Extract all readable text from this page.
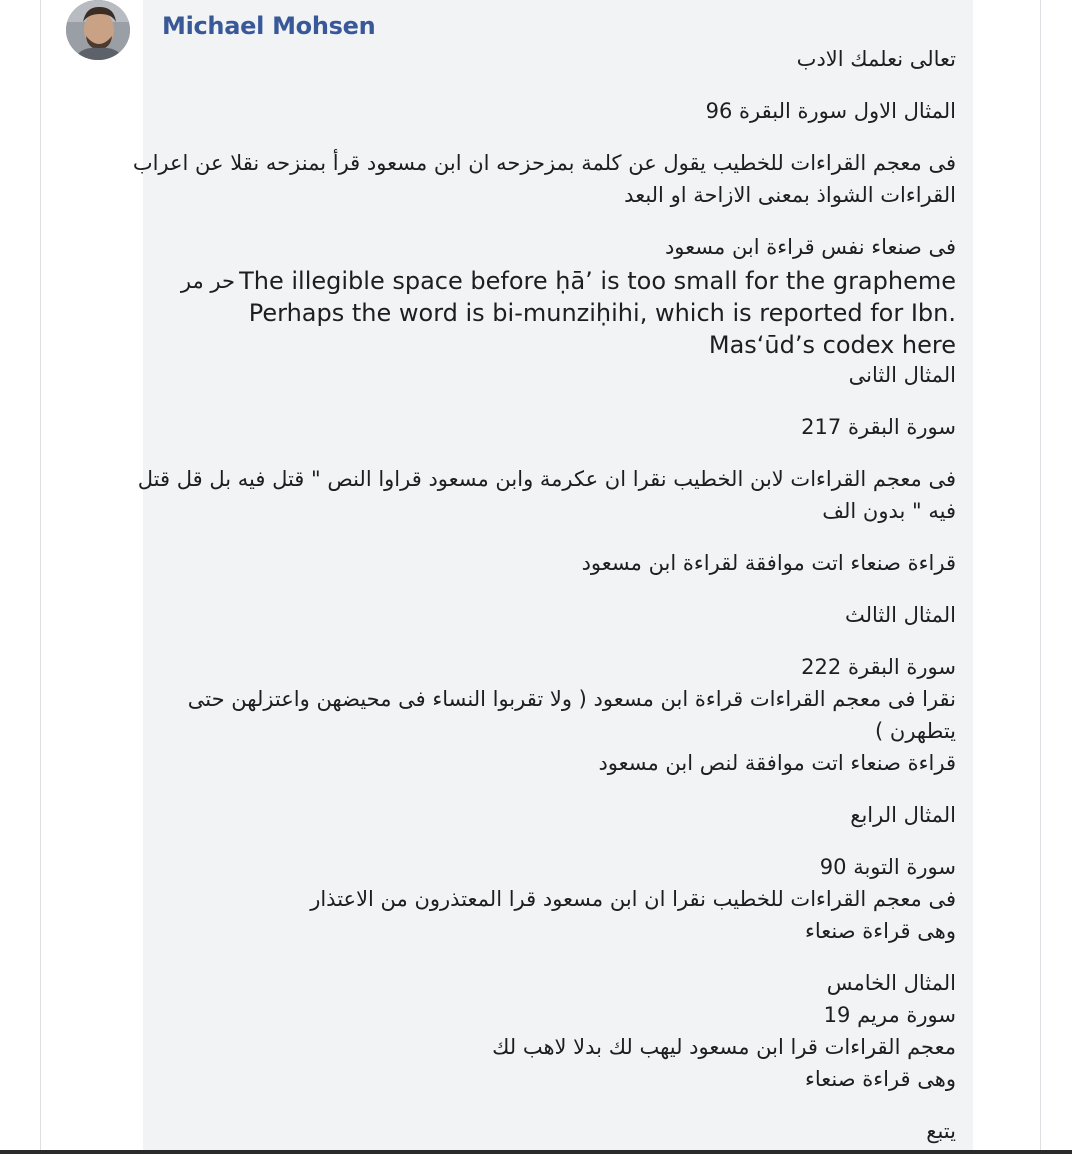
Michael Mohsen
تعالى نعلمك الادب
المثال الاول سورة البقرة 96
فى معجم القراءات للخطيب يقول عن كلمة بمزحزحه ان ابن مسعود قرأ بمنزحه نقلا عن اعراب
القراءات الشواذ بمعنى الازاحة او البعد
فى صنعاء نفس قراءة ابن مسعود
حر مر The illegible space before ḥā’ is too small for the grapheme
Perhaps the word is bi-munziḥihi, which is reported for Ibn.
Mas‘ūd’s codex here
المثال الثانى
سورة البقرة 217
فى معجم القراءات لابن الخطيب نقرا ان عكرمة وابن مسعود قراوا النص " قتل فيه بل قل قتل
فيه " بدون الف
قراءة صنعاء اتت موافقة لقراءة ابن مسعود
المثال الثالث
سورة البقرة 222
نقرا فى معجم القراءات قراءة ابن مسعود ( ولا تقربوا النساء فى محيضهن واعتزلهن حتى
يتطهرن )
قراءة صنعاء اتت موافقة لنص ابن مسعود
المثال الرابع
سورة التوبة 90
فى معجم القراءات للخطيب نقرا ان ابن مسعود قرا المعتذرون من الاعتذار
وهى قراءة صنعاء
المثال الخامس
سورة مريم 19
معجم القراءات قرا ابن مسعود ليهب لك بدلا لاهب لك
وهى قراءة صنعاء
يتبع
